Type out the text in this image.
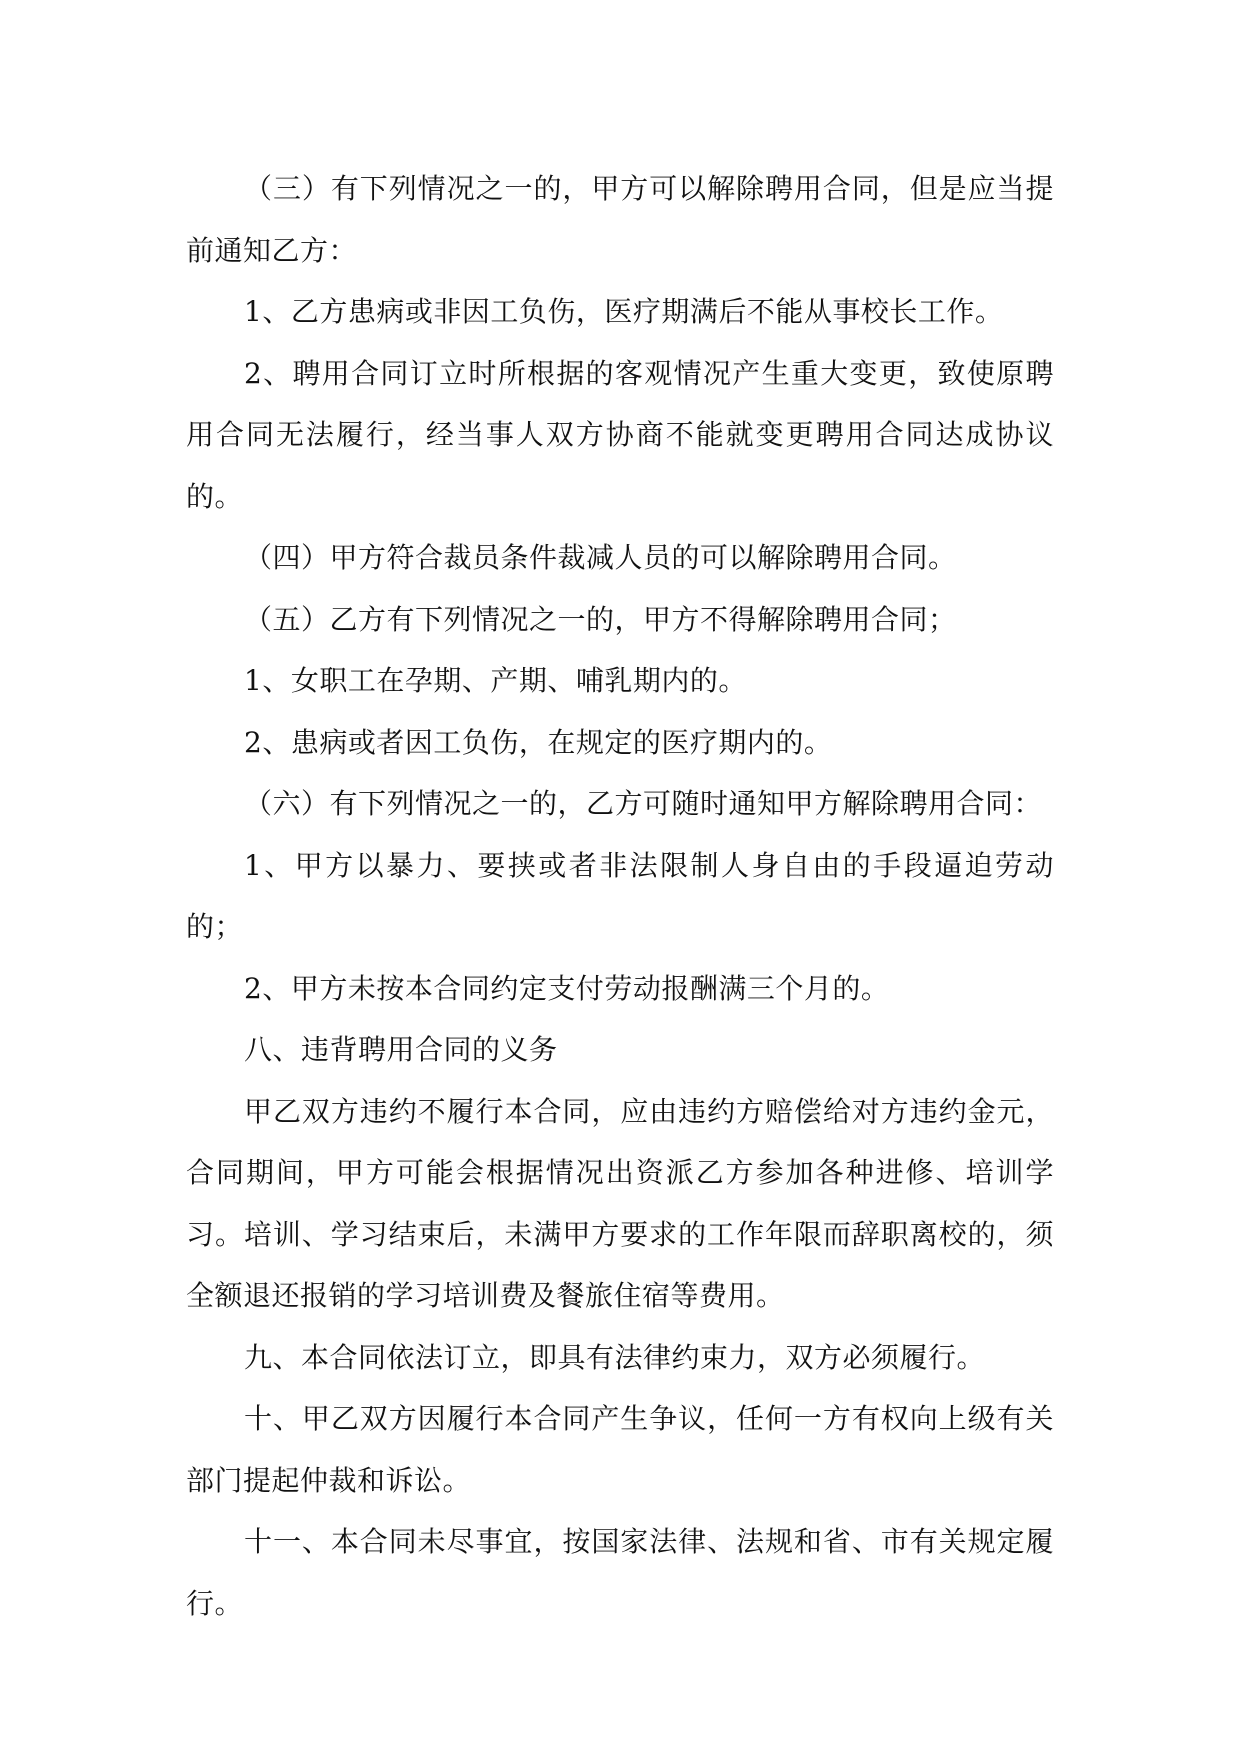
（三）有下列情况之一的，甲方可以解除聘用合同，但是应当提前通知乙方：

1、乙方患病或非因工负伤，医疗期满后不能从事校长工作。

2、聘用合同订立时所根据的客观情况产生重大变更，致使原聘用合同无法履行，经当事人双方协商不能就变更聘用合同达成协议的。

（四）甲方符合裁员条件裁减人员的可以解除聘用合同。

（五）乙方有下列情况之一的，甲方不得解除聘用合同；

1、女职工在孕期、产期、哺乳期内的。

2、患病或者因工负伤，在规定的医疗期内的。

（六）有下列情况之一的，乙方可随时通知甲方解除聘用合同：

1、甲方以暴力、要挟或者非法限制人身自由的手段逼迫劳动的；

2、甲方未按本合同约定支付劳动报酬满三个月的。

八、违背聘用合同的义务

甲乙双方违约不履行本合同，应由违约方赔偿给对方违约金元，合同期间，甲方可能会根据情况出资派乙方参加各种进修、培训学习。培训、学习结束后，未满甲方要求的工作年限而辞职离校的，须全额退还报销的学习培训费及餐旅住宿等费用。

九、本合同依法订立，即具有法律约束力，双方必须履行。

十、甲乙双方因履行本合同产生争议，任何一方有权向上级有关部门提起仲裁和诉讼。

十一、本合同未尽事宜，按国家法律、法规和省、市有关规定履行。
